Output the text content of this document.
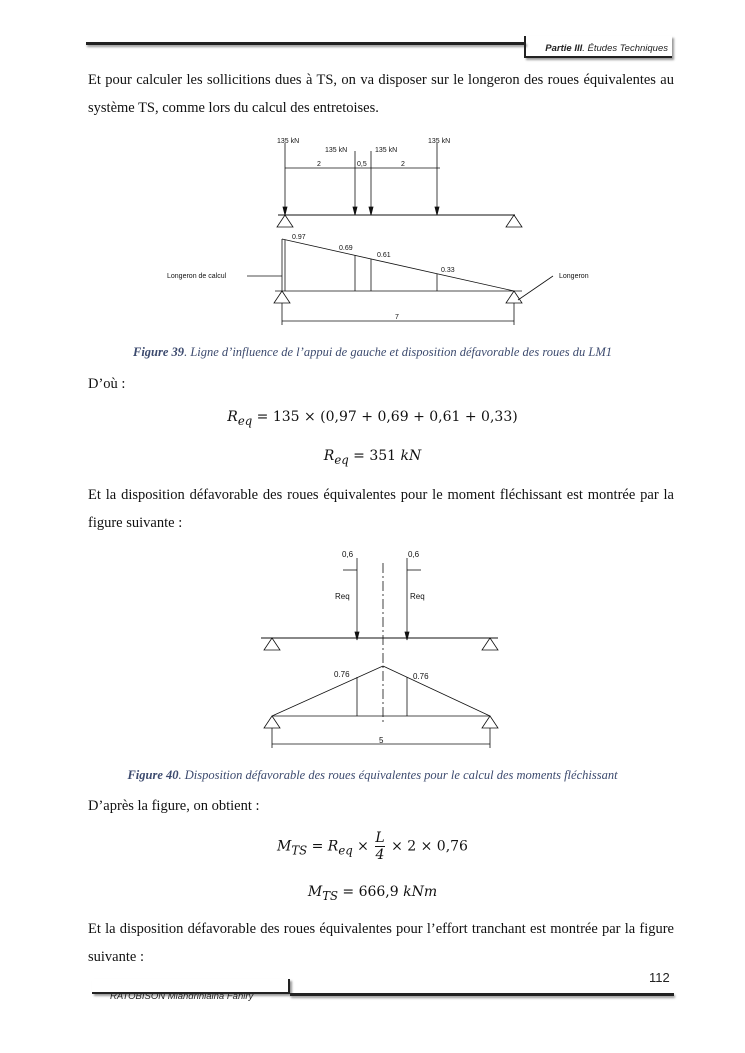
Partie III. Études Techniques
Et pour calculer les sollicitions dues à TS, on va disposer sur le longeron des roues équivalentes au système TS, comme lors du calcul des entretoises.
135 kN
135 kN	135 kN
135 kN
2	0,5	2
0.97
0.69
0.61
0.33
Longeron de calcul	Longeron
7
Figure 39. Ligne d’influence de l’appui de gauche et disposition défavorable des roues du LM1
D’où :
$R_{eq} = 135 \times (0,97 + 0,69 + 0,61 + 0,33)$
$R_{eq} = 351$ kN
Et la disposition défavorable des roues équivalentes pour le moment fléchissant est montrée par la figure suivante :
0,6	0,6
Req	Req
0.76	0.76
5
Figure 40. Disposition défavorable des roues équivalentes pour le calcul des moments fléchissant
D’après la figure, on obtient :
$M_{TS} = R_{eq} \times \frac{L}{4} \times 2 \times 0,76$
$M_{TS} = 666,9$ kNm
Et la disposition défavorable des roues équivalentes pour l’effort tranchant est montrée par la figure suivante :
112
RATOBISON Miandriniaina Faniry
